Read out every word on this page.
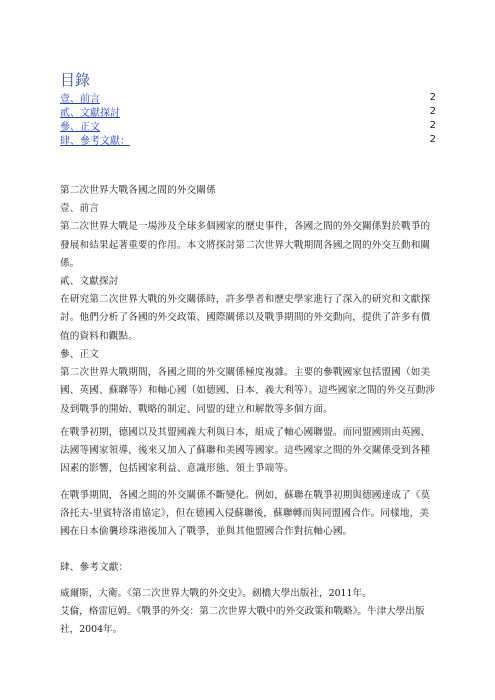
目錄
壹、前言	2
貳、文獻探討	2
參、正文	2
肆、參考文獻：	2

第二次世界大戰各國之間的外交關係

壹、前言

第二次世界大戰是一場涉及全球多個國家的歷史事件，各國之間的外交關係對於戰爭的發展和結果起著重要的作用。本文將探討第二次世界大戰期間各國之間的外交互動和關係。

貳、文獻探討

在研究第二次世界大戰的外交關係時，許多學者和歷史學家進行了深入的研究和文獻探討。他們分析了各國的外交政策、國際關係以及戰爭期間的外交動向，提供了許多有價值的資料和觀點。

參、正文

第二次世界大戰期間，各國之間的外交關係極度複雜。主要的參戰國家包括盟國（如美國、英國、蘇聯等）和軸心國（如德國、日本、義大利等）。這些國家之間的外交互動涉及到戰爭的開始、戰略的制定、同盟的建立和解散等多個方面。

在戰爭初期，德國以及其盟國義大利與日本，組成了軸心國聯盟。而同盟國則由英國、法國等國家領導，後來又加入了蘇聯和美國等國家。這些國家之間的外交關係受到各種因素的影響，包括國家利益、意識形態、領土爭端等。

在戰爭期間，各國之間的外交關係不斷變化。例如，蘇聯在戰爭初期與德國達成了《莫洛托夫-里賓特洛甫協定》，但在德國入侵蘇聯後，蘇聯轉而與同盟國合作。同樣地，美國在日本偷襲珍珠港後加入了戰爭，並與其他盟國合作對抗軸心國。

肆、參考文獻：

威爾斯，大衛。《第二次世界大戰的外交史》。劍橋大學出版社，2011年。

艾倫，格雷厄姆。《戰爭的外交：第二次世界大戰中的外交政策和戰略》。牛津大學出版社，2004年。
